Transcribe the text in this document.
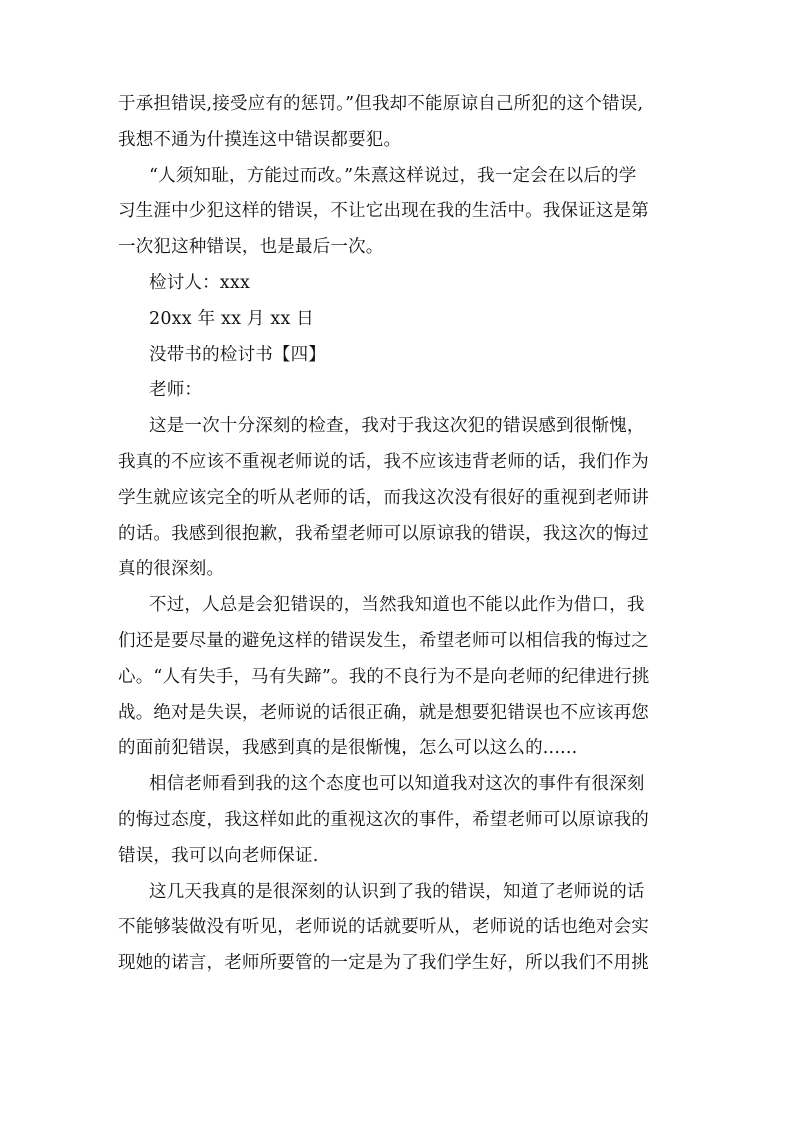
于承担错误,接受应有的惩罚。”但我却不能原谅自己所犯的这个错误,
我想不通为什摸连这中错误都要犯。
“人须知耻，方能过而改。”朱熹这样说过，我一定会在以后的学
习生涯中少犯这样的错误，不让它出现在我的生活中。我保证这是第
一次犯这种错误，也是最后一次。
检讨人：xxx
20xx 年 xx 月 xx 日
没带书的检讨书【四】
老师：
这是一次十分深刻的检查，我对于我这次犯的错误感到很惭愧，
我真的不应该不重视老师说的话，我不应该违背老师的话，我们作为
学生就应该完全的听从老师的话，而我这次没有很好的重视到老师讲
的话。我感到很抱歉，我希望老师可以原谅我的错误，我这次的悔过
真的很深刻。
不过，人总是会犯错误的，当然我知道也不能以此作为借口，我
们还是要尽量的避免这样的错误发生，希望老师可以相信我的悔过之
心。“人有失手，马有失蹄”。我的不良行为不是向老师的纪律进行挑
战。绝对是失误，老师说的话很正确，就是想要犯错误也不应该再您
的面前犯错误，我感到真的是很惭愧，怎么可以这么的......
相信老师看到我的这个态度也可以知道我对这次的事件有很深刻
的悔过态度，我这样如此的重视这次的事件，希望老师可以原谅我的
错误，我可以向老师保证.
这几天我真的是很深刻的认识到了我的错误，知道了老师说的话
不能够装做没有听见，老师说的话就要听从，老师说的话也绝对会实
现她的诺言，老师所要管的一定是为了我们学生好，所以我们不用挑
